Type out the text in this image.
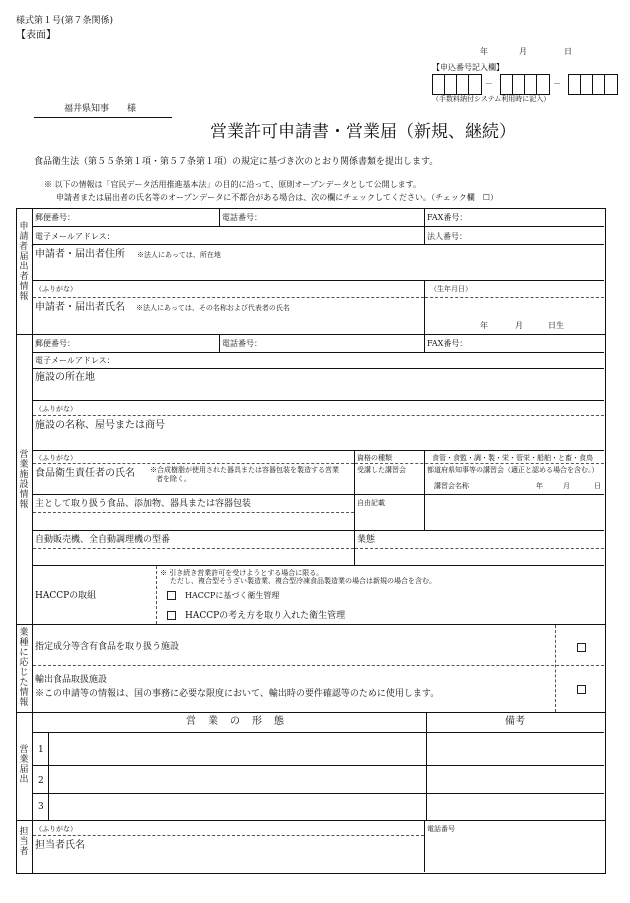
様式第１号(第７条関係)
【表面】
年	月	日
【申込番号記入欄】
－	－
（手数料納付システム利用時に記入）
福井県知事　　様
営業許可申請書・営業届（新規、継続）
食品衛生法（第５５条第１項・第５７条第１項）の規定に基づき次のとおり関係書類を提出します。
※ 以下の情報は「官民データ活用推進基本法」の目的に沿って、原則オープンデータとして公開します。
申請者または届出者の氏名等のオープンデータに不都合がある場合は、次の欄にチェックしてください。（チェック欄　☐）
申請者・届出者情報
郵便番号：	電話番号：	FAX番号：
電子メールアドレス：	法人番号：
申請者・届出者住所 ※法人にあっては、所在地
（ふりがな）	（生年月日）
申請者・届出者氏名 ※法人にあっては、その名称および代表者の氏名
年	月	日生
営業施設情報
郵便番号：	電話番号：	FAX番号：
電子メールアドレス：
施設の所在地
（ふりがな）
施設の名称、屋号または商号
（ふりがな）	資格の種類	食管・食監・調・製・栄・管栄・船舶・と畜・食鳥
食品衛生責任者の氏名 ※合成樹脂が使用された器具または容器包装を製造する営業
者を除く。
受講した講習会	都道府県知事等の講習会（適正と認める場合を含む。）
講習会名称	年	月	日
主として取り扱う食品、添加物、器具または容器包装	自由記載
自動販売機、全自動調理機の型番	業態
HACCPの取組
※ 引き続き営業許可を受けようとする場合に限る。
ただし、複合型そうざい製造業、複合型冷凍食品製造業の場合は新規の場合を含む。
HACCPに基づく衛生管理
HACCPの考え方を取り入れた衛生管理
業種に応じた情報
指定成分等含有食品を取り扱う施設
輸出食品取扱施設
※この申請等の情報は、国の事務に必要な限度において、輸出時の要件確認等のために使用します。
営業届出
営　業　の　形　態	備考
1
2
3
担当者
（ふりがな）	電話番号
担当者氏名
